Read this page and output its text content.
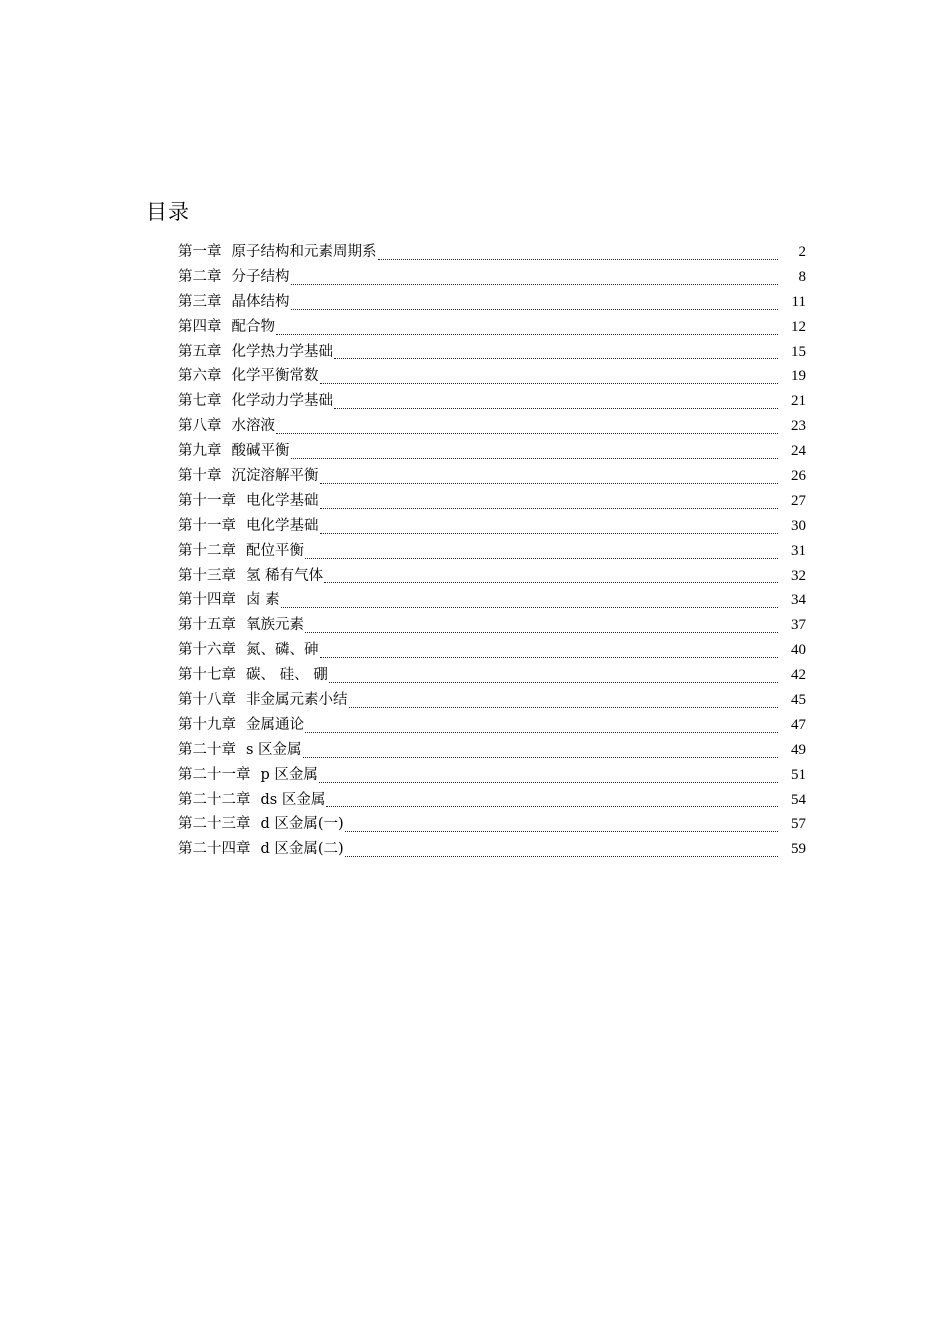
目录
第一章 原子结构和元素周期系	2
第二章 分子结构	8
第三章 晶体结构	11
第四章 配合物	12
第五章 化学热力学基础	15
第六章 化学平衡常数	19
第七章 化学动力学基础	21
第八章 水溶液	23
第九章 酸碱平衡	24
第十章 沉淀溶解平衡	26
第十一章 电化学基础	27
第十一章 电化学基础	30
第十二章 配位平衡	31
第十三章 氢 稀有气体	32
第十四章 卤 素	34
第十五章 氧族元素	37
第十六章 氮、磷、砷	40
第十七章 碳、 硅、 硼	42
第十八章 非金属元素小结	45
第十九章 金属通论	47
第二十章 s 区金属	49
第二十一章 p 区金属	51
第二十二章 ds 区金属	54
第二十三章 d 区金属(一)	57
第二十四章 d 区金属(二)	59
